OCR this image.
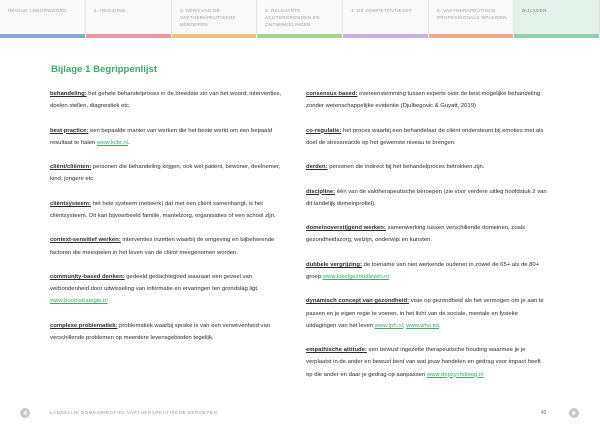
INHOUD | VOORWOORD	1. INLEIDING	2. KERN VAN DE VAKTHERAPEUTISCHE BEROEPEN
3. RELEVANTE ACHTERGRONDEN EN ONTWIKKELINGEN
4. DE COMPETENTIESET	5. VAKTHERAPEUTISCH PROFESSIONALS OPLEIDEN
BIJLAGEN
Bijlage 1 Begrippenlijst

behandeling: het gehele behandelproces in de breedste zin van het woord; interventies, doelen stellen, diagnostiek etc.

best practice: een bepaalde manier van werken die het beste werkt om een bepaald resultaat te halen www.kcbr.nl.

cliënt/cliënten: personen die behandeling krijgen, ook wel patiënt, bewoner, deelnemer, kind, jongere etc.

cliëntsysteem: het hele systeem (netwerk) dat met een cliënt samenhangt, is het cliëntsysteem. Dit kan bijvoorbeeld familie, mantelzorg, organisaties of een school zijn.

context-sensitief werken: interventies inzetten waarbij de omgeving en bijbehorende factoren die meespelen in het leven van de cliënt meegenomen worden.

community-based denken: gedeeld gedachtegoed waaraan een gevoel van verbondenheid door uitwisseling van informatie en ervaringen ten grondslag ligt. www.boomstrategie.nl

complexe problematiek: problematiek waarbij sprake is van een verwevenheid van verschillende problemen op meerdere levensgebieden tegelijk.

consensus based: overeenstemming tussen experts over de best mogelijke behandeling zonder wetenschappelijke evidentie (Djulbegovic & Guyatt, 2019)

co-regulatie: het proces waarbij een behandelaar de cliënt ondersteunt bij emoties met als doel de stressreactie op het gewenste niveau te brengen.

derden: personen die indirect bij het behandelproces betrokken zijn.

discipline: één van de vaktherapeutische beroepen (zie voor verdere uitleg hoofdstuk 2 van dit landelijk domeinprofiel).

domeinoverstijgend werken: samenwerking tussen verschillende domeinen, zoals gezondheidszorg, welzijn, onderwijs en kunsten.

dubbele vergrijzing: de toename van niet werkende ouderen in zowel de 65+ als de 80+ groep www.loketgezondleven.nl

dynamisch concept van gezondheid: visie op gezondheid als het vermogen om je aan te passen en je eigen regie te voeren, in het licht van de sociale, mentale en fysieke uitdagingen van het leven www.iph.nl, www.who.int.

empathische attitude: een bewust ingezette therapeutische houding waarmee je je verplaatst in de ander en bewust bent van wat jouw handelen en gedrag voor impact heeft op die ander en daar je gedrag op aanpassen www.depsycholoog.nl

LANDELIJK DOMEINPROFIEL VAKTHERAPEUTISCHE BEROEPEN	42
